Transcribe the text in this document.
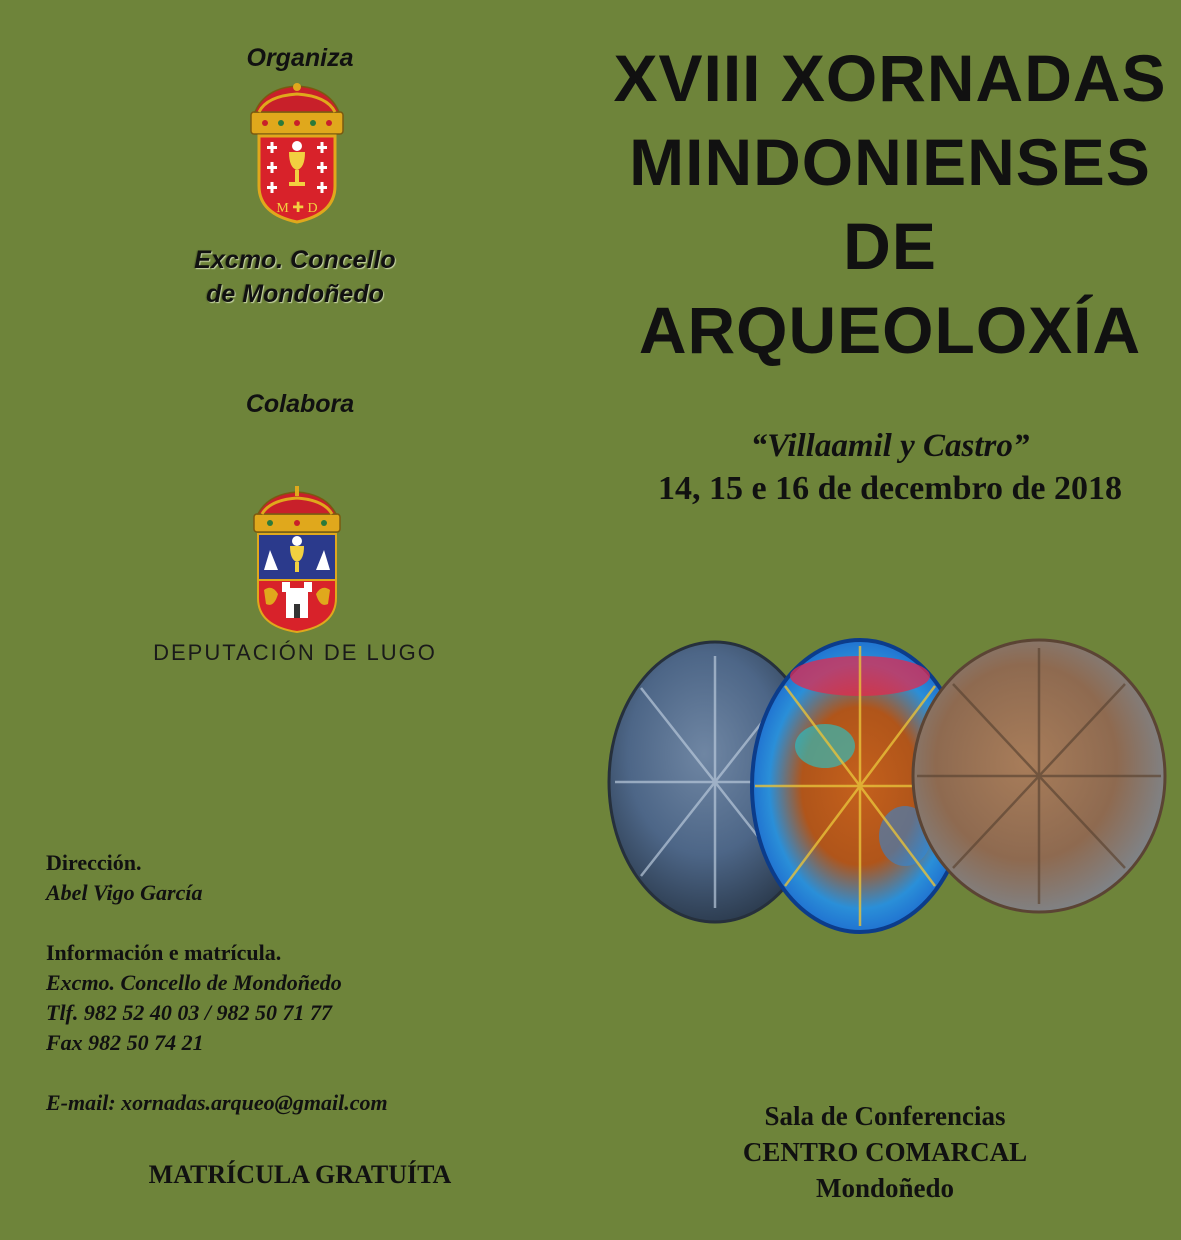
Organiza
M ✚ D
Excmo. Concello
de Mondoñedo
Colabora
DEPUTACIÓN DE LUGO
Dirección.
Abel Vigo García
Información e matrícula.
Excmo. Concello de Mondoñedo
Tlf. 982 52 40 03 / 982 50 71 77
Fax 982 50 74 21
E-mail: xornadas.arqueo@gmail.com
MATRÍCULA GRATUÍTA
XVIII XORNADAS
MINDONIENSES
DE
ARQUEOLOXÍA
“Villaamil y Castro”
14, 15 e 16 de decembro de 2018
Sala de Conferencias
CENTRO COMARCAL
Mondoñedo
